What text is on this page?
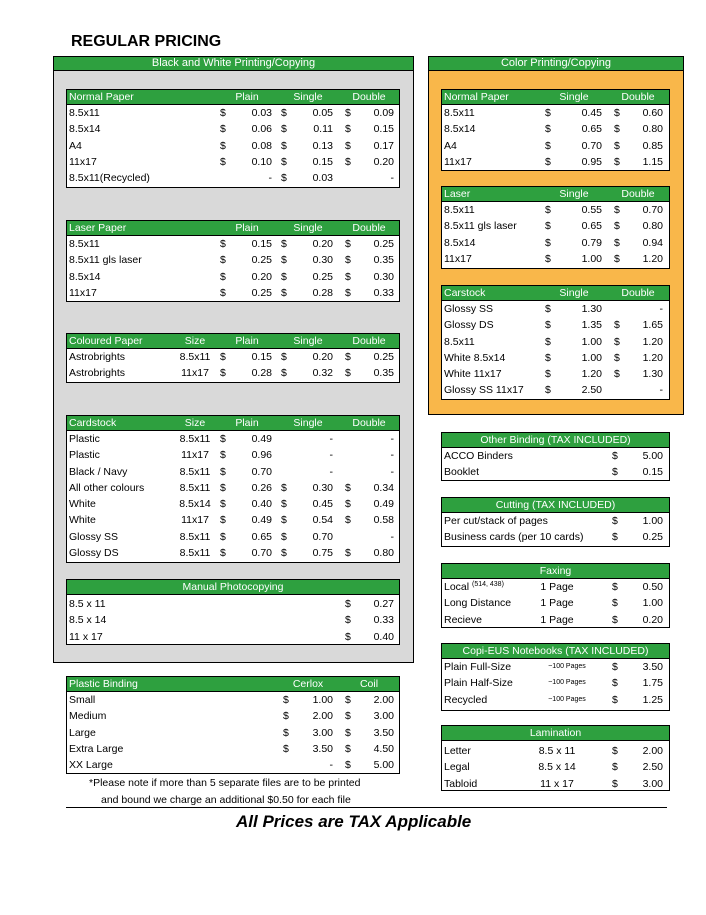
REGULAR PRICING
Black and White Printing/Copying
Normal Paper	Plain	Single	Double
8.5x11	$ 0.03 $ 0.05 $ 0.09
8.5x14	$ 0.06 $	0.11 $ 0.15
A4	$ 0.08 $ 0.13 $ 0.17
11x17	$ 0.10 $ 0.15 $ 0.20
8.5x11(Recycled)	- $ 0.03	-
Laser Paper	Plain	Single	Double
8.5x11	$ 0.15 $ 0.20 $ 0.25
8.5x11 gls laser	$ 0.25 $ 0.30 $ 0.35
8.5x14	$ 0.20 $ 0.25 $ 0.30
11x17	$ 0.25 $ 0.28 $ 0.33
Coloured Paper	Size	Plain	Single	Double
Astrobrights	8.5x11 $ 0.15 $ 0.20 $ 0.25
Astrobrights	11x17 $ 0.28 $ 0.32 $ 0.35
Cardstock	Size	Plain	Single	Double
Plastic	8.5x11 $ 0.49	-	-
Plastic	11x17 $ 0.96	-	-
Black / Navy	8.5x11 $ 0.70	-	-
All other colours	8.5x11 $ 0.26 $ 0.30 $ 0.34
White	8.5x14 $ 0.40 $ 0.45 $ 0.49
White	11x17 $ 0.49 $ 0.54 $ 0.58
Glossy SS	8.5x11 $ 0.65 $ 0.70	-
Glossy DS	8.5x11 $ 0.70 $ 0.75 $ 0.80
Manual Photocopying
8.5 x 11	$ 0.27
8.5 x 14	$ 0.33
11 x 17	$ 0.40
Plastic Binding	Cerlox	Coil
Small	$ 1.00 $ 2.00
Medium	$ 2.00 $ 3.00
Large	$ 3.00 $ 3.50
Extra Large	$ 3.50 $ 4.50
XX Large	- $ 5.00
*Please note if more than 5 separate files are to be printed
and bound we charge an additional $0.50 for each file
All Prices are TAX Applicable
Color Printing/Copying
Normal Paper	Single	Double
8.5x11	$	0.45 $ 0.60
8.5x14	$	0.65 $ 0.80
A4	$	0.70 $ 0.85
11x17	$	0.95 $ 1.15
Laser	Single	Double
8.5x11	$	0.55 $ 0.70
8.5x11 gls laser	$	0.65 $ 0.80
8.5x14	$	0.79 $ 0.94
11x17	$	1.00 $ 1.20
Carstock	Single	Double
Glossy SS	$	1.30	-
Glossy DS	$	1.35 $ 1.65
8.5x11	$	1.00 $ 1.20
White 8.5x14	$	1.00 $ 1.20
White 11x17	$	1.20 $ 1.30
Glossy SS 11x17 $	2.50	-
Other Binding (TAX INCLUDED)
ACCO Binders	$ 5.00
Booklet	$ 0.15
Cutting (TAX INCLUDED)
Per cut/stack of pages	$ 1.00
Business cards (per 10 cards)	$ 0.25
Faxing
Local (514, 438)	1 Page	$ 0.50
Long Distance	1 Page	$ 1.00
Recieve	1 Page	$ 0.20
Copi-EUS Notebooks (TAX INCLUDED)
Plain Full-Size	~100 Pages $ 3.50
Plain Half-Size	~100 Pages $ 1.75
Recycled	~100 Pages $ 1.25
Lamination
Letter	8.5 x 11	$ 2.00
Legal	8.5 x 14	$ 2.50
Tabloid	11 x 17	$ 3.00
